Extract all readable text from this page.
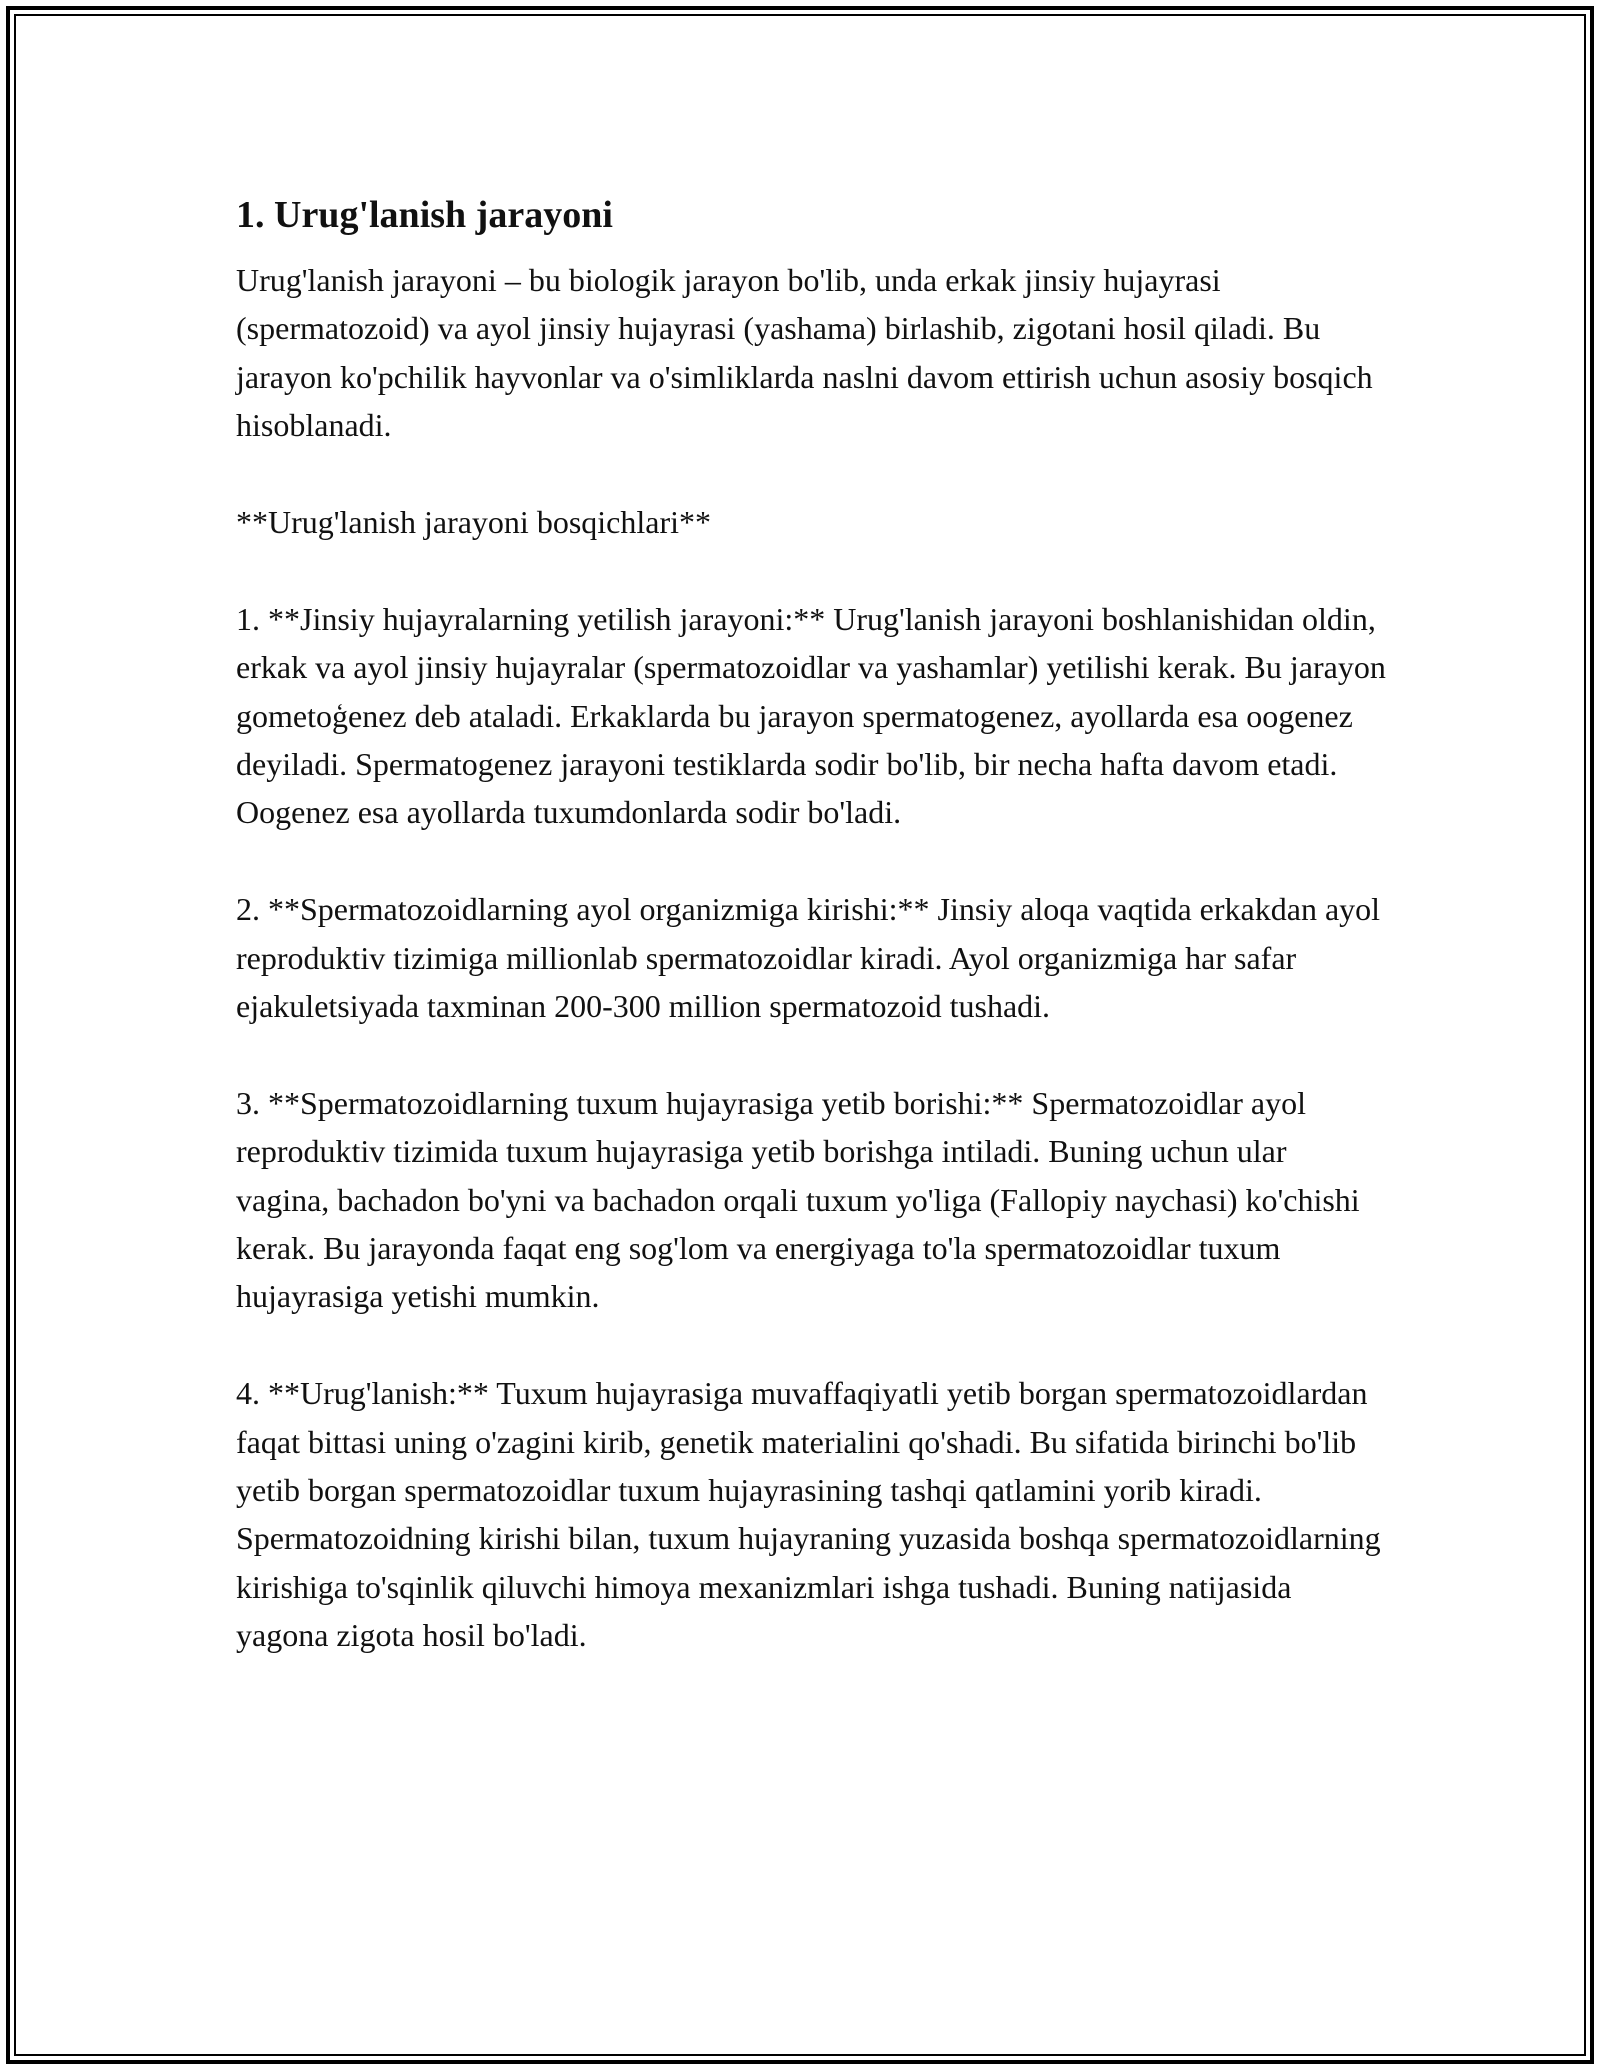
1. Urug'lanish jarayoni

Urug'lanish jarayoni – bu biologik jarayon bo'lib, unda erkak jinsiy hujayrasi (spermatozoid) va ayol jinsiy hujayrasi (yashama) birlashib, zigotani hosil qiladi. Bu jarayon ko'pchilik hayvonlar va o'simliklarda naslni davom ettirish uchun asosiy bosqich hisoblanadi.

**Urug'lanish jarayoni bosqichlari**

1. **Jinsiy hujayralarning yetilish jarayoni:** Urug'lanish jarayoni boshlanishidan oldin, erkak va ayol jinsiy hujayralar (spermatozoidlar va yashamlar) yetilishi kerak. Bu jarayon gometoģenez deb ataladi. Erkaklarda bu jarayon spermatogenez, ayollarda esa oogenez deyiladi. Spermatogenez jarayoni testiklarda sodir bo'lib, bir necha hafta davom etadi. Oogenez esa ayollarda tuxumdonlarda sodir bo'ladi.

2. **Spermatozoidlarning ayol organizmiga kirishi:** Jinsiy aloqa vaqtida erkakdan ayol reproduktiv tizimiga millionlab spermatozoidlar kiradi. Ayol organizmiga har safar ejakuletsiyada taxminan 200-300 million spermatozoid tushadi.

3. **Spermatozoidlarning tuxum hujayrasiga yetib borishi:** Spermatozoidlar ayol reproduktiv tizimida tuxum hujayrasiga yetib borishga intiladi. Buning uchun ular vagina, bachadon bo'yni va bachadon orqali tuxum yo'liga (Fallopiy naychasi) ko'chishi kerak. Bu jarayonda faqat eng sog'lom va energiyaga to'la spermatozoidlar tuxum hujayrasiga yetishi mumkin.

4. **Urug'lanish:** Tuxum hujayrasiga muvaffaqiyatli yetib borgan spermatozoidlardan faqat bittasi uning o'zagini kirib, genetik materialini qo'shadi. Bu sifatida birinchi bo'lib yetib borgan spermatozoidlar tuxum hujayrasining tashqi qatlamini yorib kiradi. Spermatozoidning kirishi bilan, tuxum hujayraning yuzasida boshqa spermatozoidlarning kirishiga to'sqinlik qiluvchi himoya mexanizmlari ishga tushadi. Buning natijasida yagona zigota hosil bo'ladi.
